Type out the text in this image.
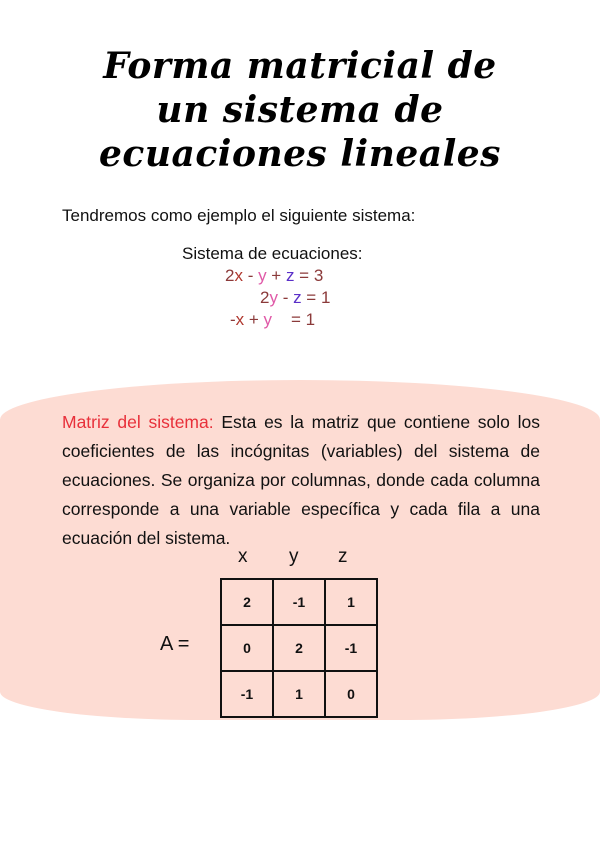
Forma matricial de
un sistema de
ecuaciones lineales
Tendremos como ejemplo el siguiente sistema:
Sistema de ecuaciones:
2x - y + z = 3
2y - z = 1
-x + y    = 1

Matriz del sistema: Esta es la matriz que contiene solo los coeficientes de las incógnitas (variables) del sistema de ecuaciones. Se organiza por columnas, donde cada columna corresponde a una variable específica y cada fila a una ecuación del sistema.

x y z
A =
2	-1	1
0	2	-1
-1	1	0
